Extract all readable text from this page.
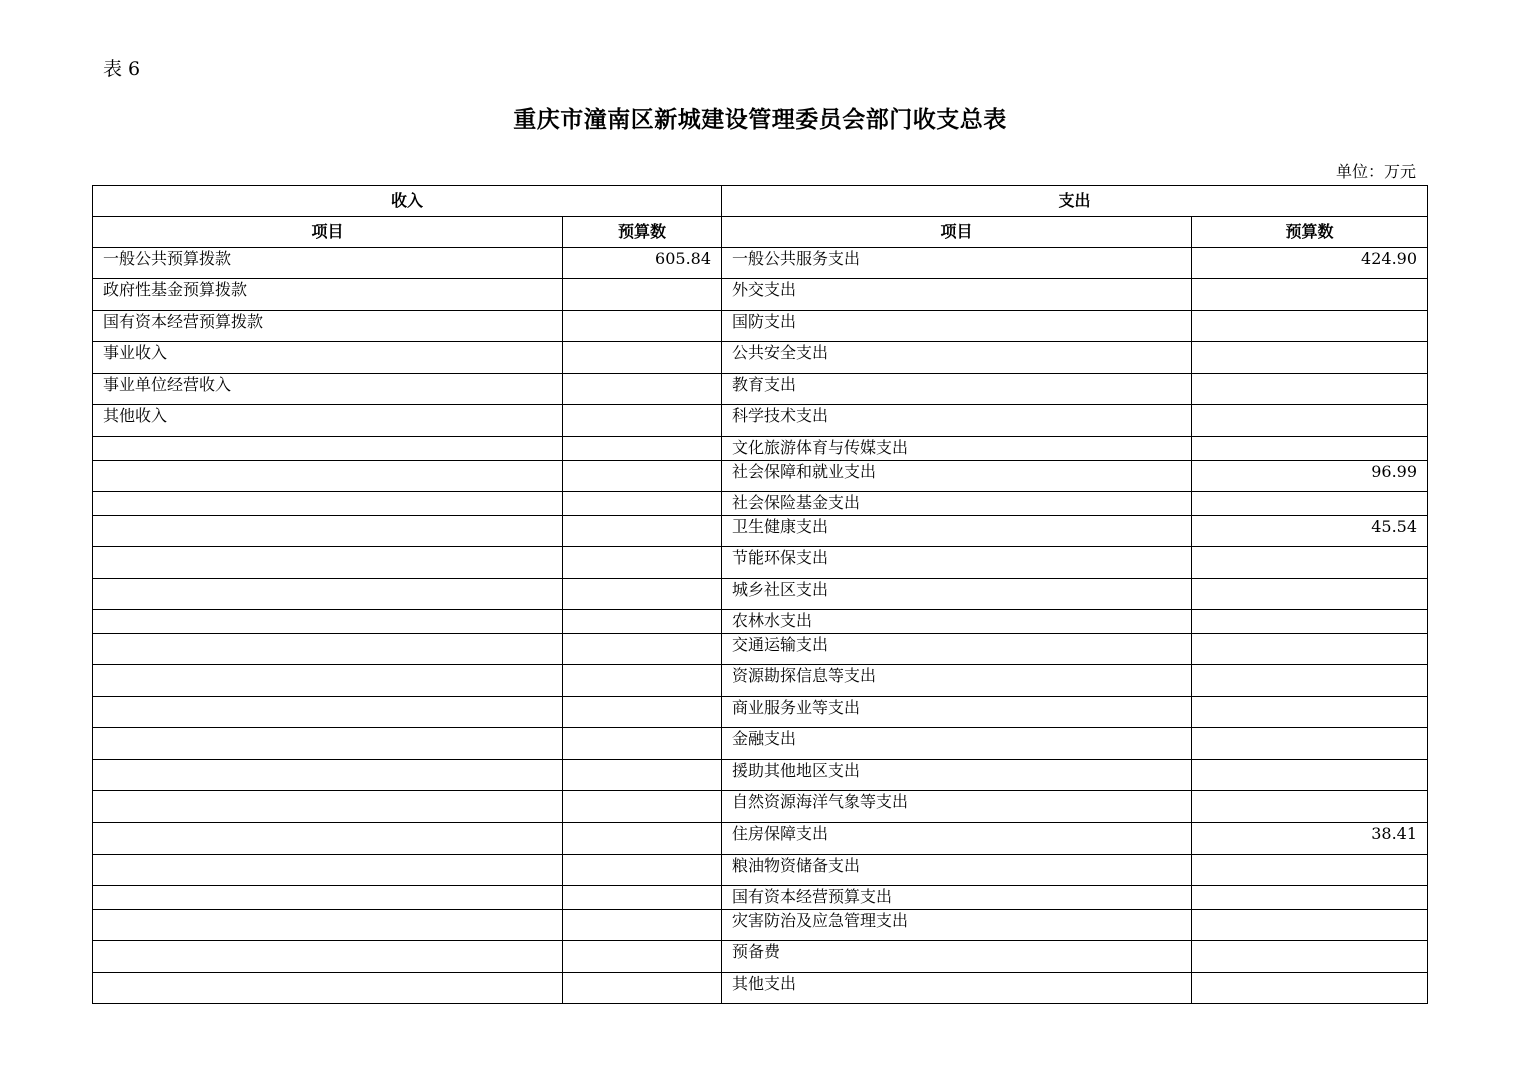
表 6
重庆市潼南区新城建设管理委员会部门收支总表
单位：万元
收入		支出	
项目	预算数	项目	预算数
一般公共预算拨款	605.84	一般公共服务支出	424.90
政府性基金预算拨款		外交支出	
国有资本经营预算拨款		国防支出	
事业收入		公共安全支出	
事业单位经营收入		教育支出	
其他收入		科学技术支出	
		文化旅游体育与传媒支出	
		社会保障和就业支出	96.99
		社会保险基金支出	
		卫生健康支出	45.54
		节能环保支出	
		城乡社区支出	
		农林水支出	
		交通运输支出	
		资源勘探信息等支出	
		商业服务业等支出	
		金融支出	
		援助其他地区支出	
		自然资源海洋气象等支出	
		住房保障支出	38.41
		粮油物资储备支出	
		国有资本经营预算支出	
		灾害防治及应急管理支出	
		预备费	
		其他支出	
